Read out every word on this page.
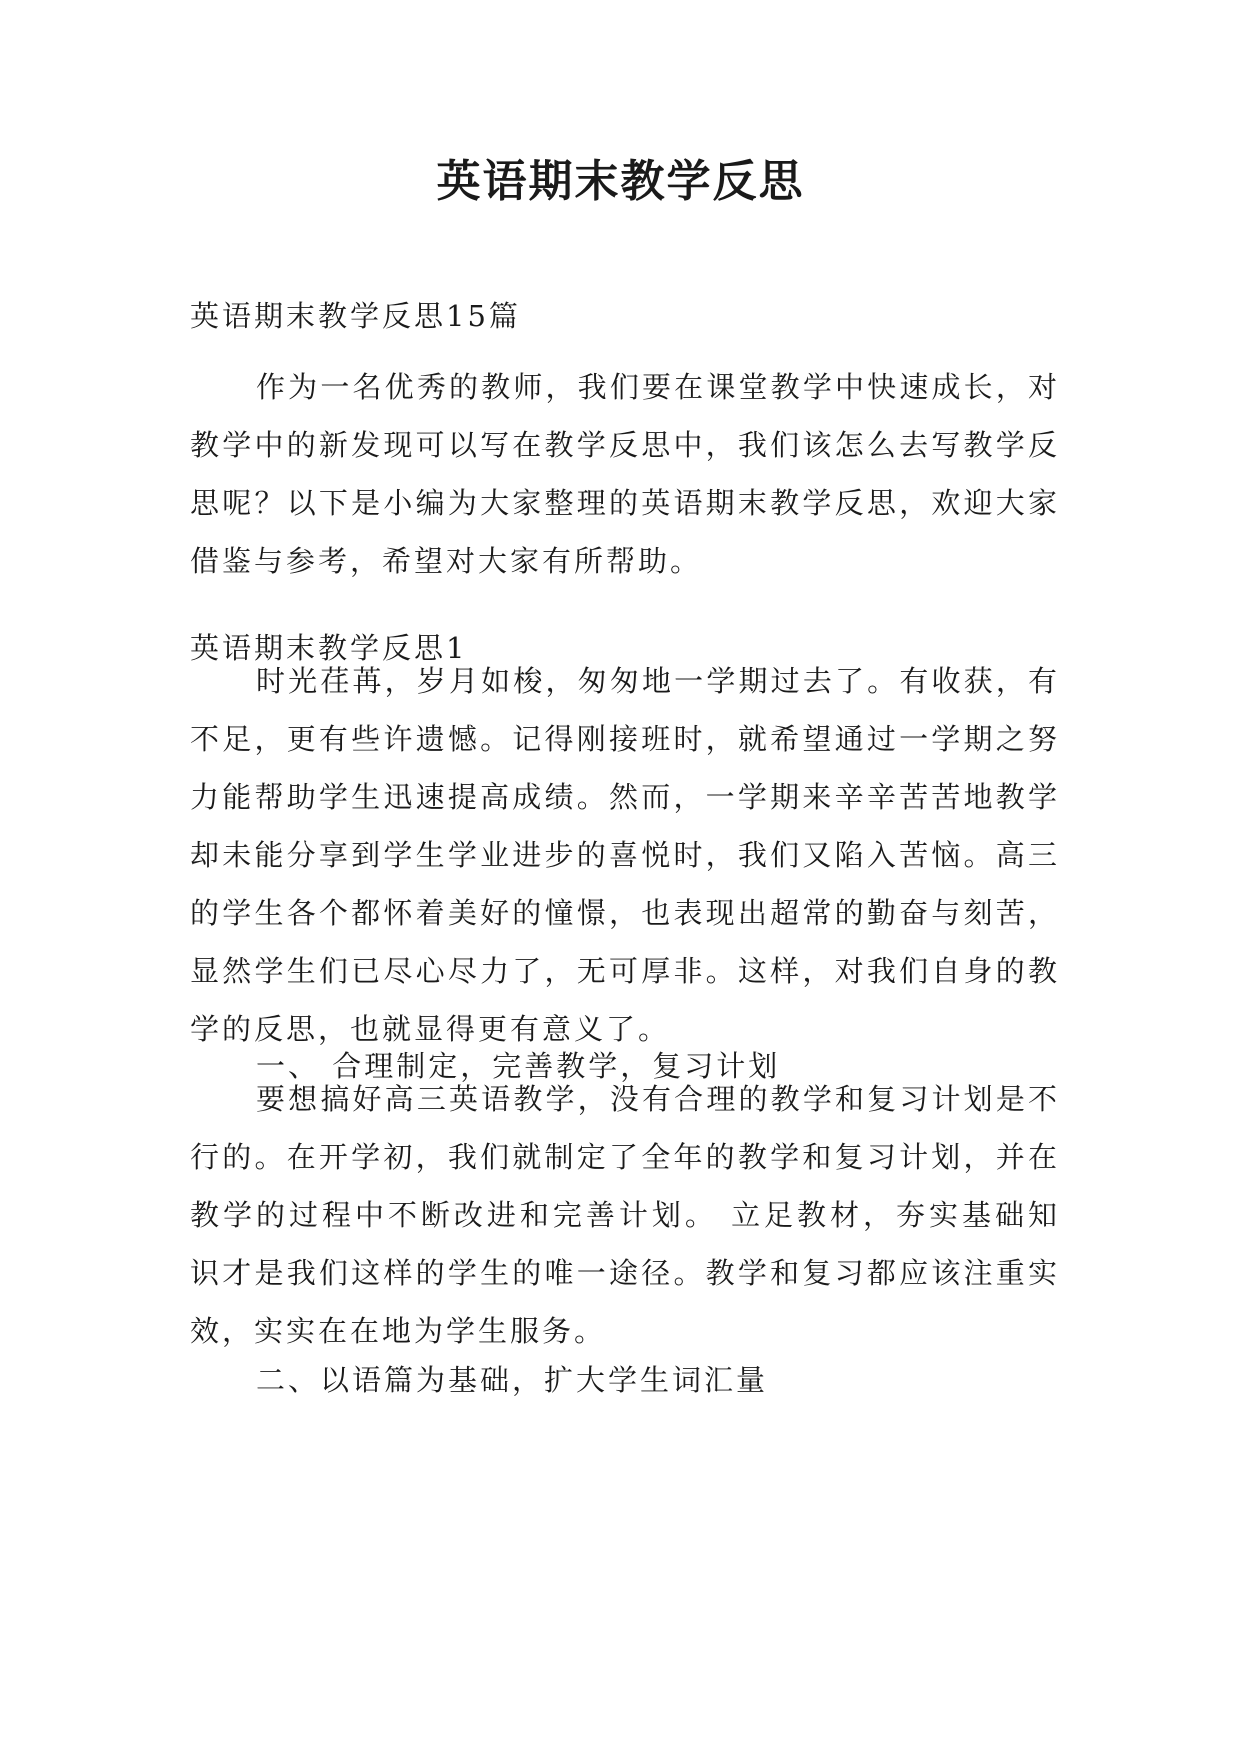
英语期末教学反思
英语期末教学反思15篇

作为一名优秀的教师，我们要在课堂教学中快速成长，对教学中的新发现可以写在教学反思中，我们该怎么去写教学反思呢？以下是小编为大家整理的英语期末教学反思，欢迎大家借鉴与参考，希望对大家有所帮助。

英语期末教学反思1

时光荏苒，岁月如梭，匆匆地一学期过去了。有收获，有不足，更有些许遗憾。记得刚接班时，就希望通过一学期之努力能帮助学生迅速提高成绩。然而，一学期来辛辛苦苦地教学却未能分享到学生学业进步的喜悦时，我们又陷入苦恼。高三的学生各个都怀着美好的憧憬，也表现出超常的勤奋与刻苦，显然学生们已尽心尽力了，无可厚非。这样，对我们自身的教学的反思，也就显得更有意义了。

一、 合理制定，完善教学，复习计划

要想搞好高三英语教学，没有合理的教学和复习计划是不行的。在开学初，我们就制定了全年的教学和复习计划，并在教学的过程中不断改进和完善计划。 立足教材，夯实基础知识才是我们这样的学生的唯一途径。教学和复习都应该注重实效，实实在在地为学生服务。

二、以语篇为基础，扩大学生词汇量
